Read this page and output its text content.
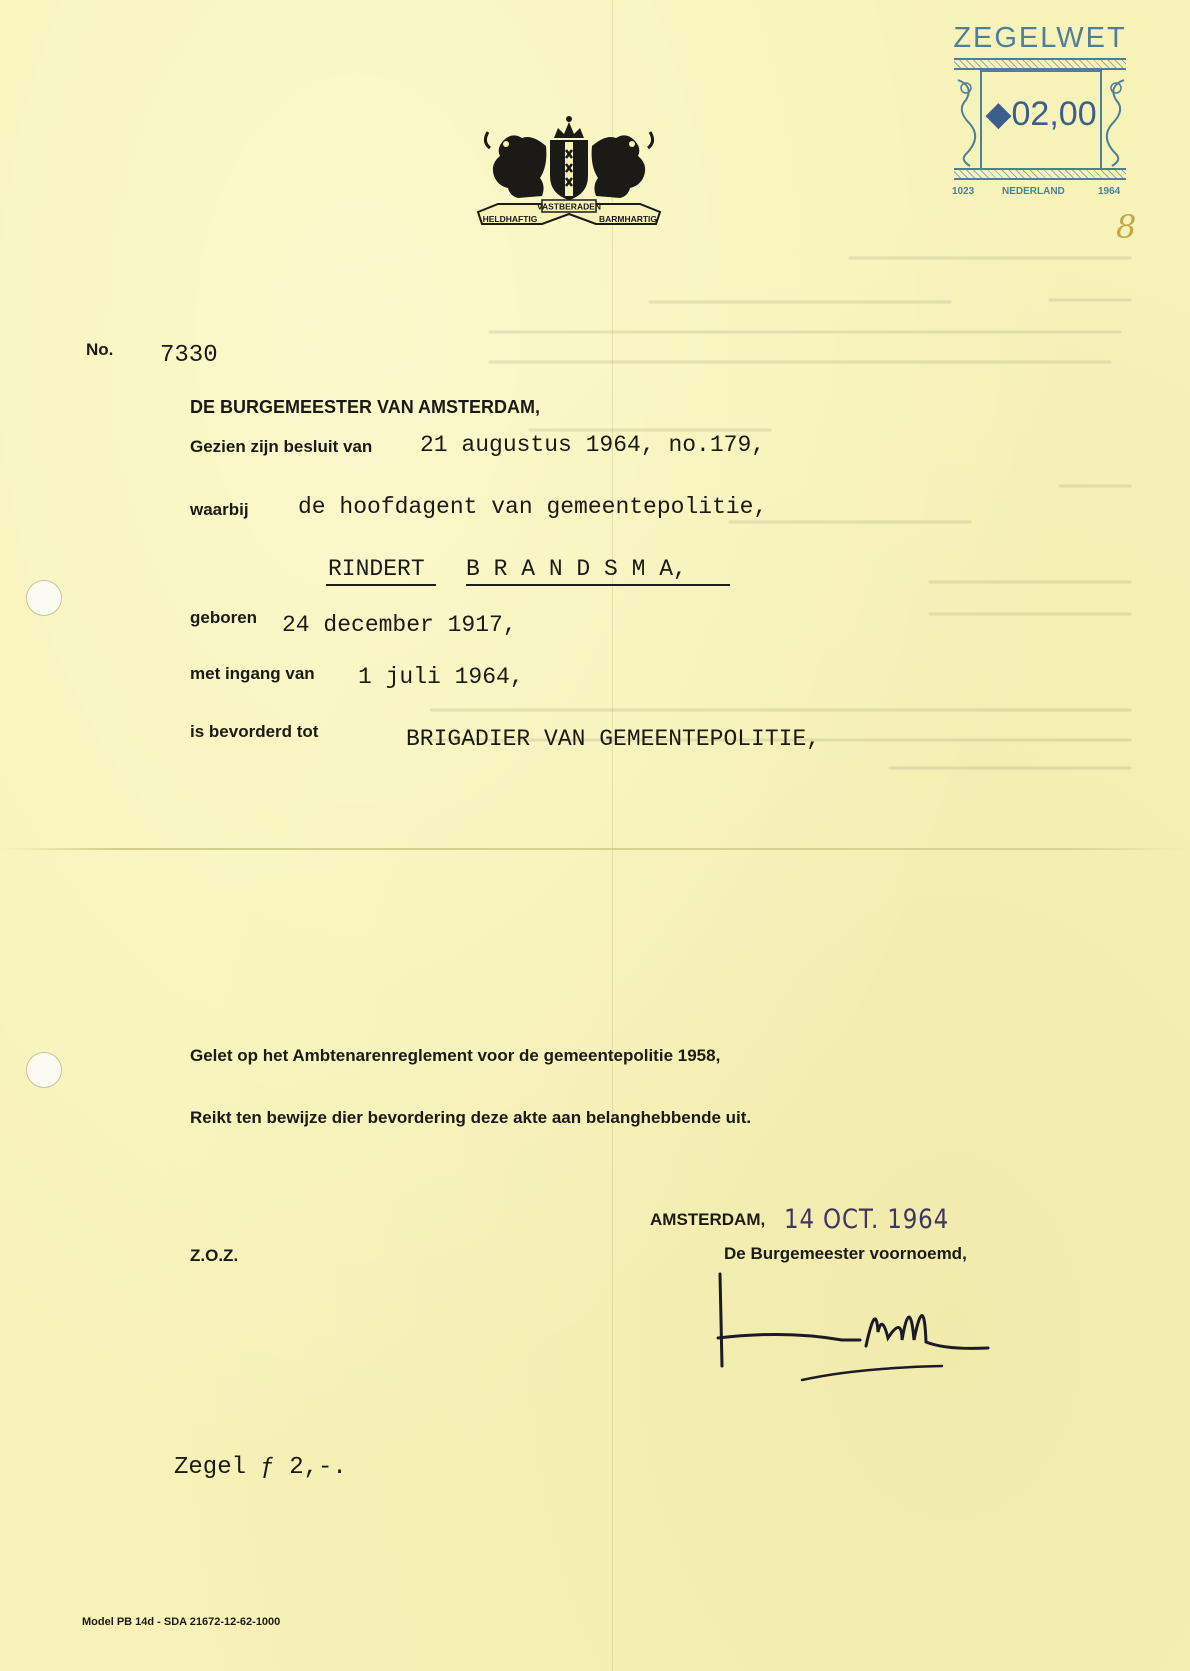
ZEGELWET
◆02,00
1023	NEDERLAND	1964
8
VASTBERADEN
HELDHAFTIG	BARMHARTIG
No. 7330
DE BURGEMEESTER VAN AMSTERDAM,
Gezien zijn besluit van 21 augustus 1964, no.179,
waarbij de hoofdagent van gemeentepolitie,
RINDERT B R A N D S M A,
geboren 24 december 1917,
met ingang van 1 juli 1964,
is bevorderd tot	BRIGADIER VAN GEMEENTEPOLITIE,
Gelet op het Ambtenarenreglement voor de gemeentepolitie 1958,
Reikt ten bewijze dier bevordering deze akte aan belanghebbende uit.
AMSTERDAM, 14 OCT. 1964
Z.O.Z.	De Burgemeester voornoemd,
Zegel ƒ 2,-.
Model PB 14d - SDA 21672-12-62-1000
